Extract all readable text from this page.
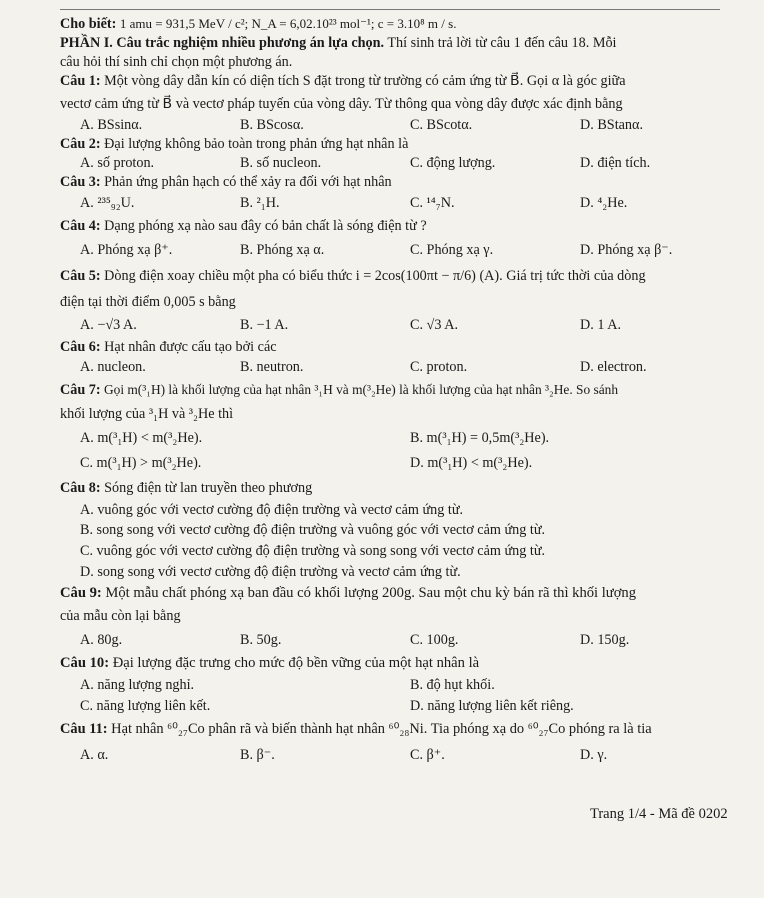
Cho biết: 1 amu = 931,5 MeV / c²; N_A = 6,02.10²³ mol⁻¹; c = 3.10⁸ m / s.
PHẦN I. Câu trắc nghiệm nhiều phương án lựa chọn. Thí sinh trả lời từ câu 1 đến câu 18. Mỗi
câu hỏi thí sinh chỉ chọn một phương án.
Câu 1: Một vòng dây dẫn kín có diện tích S đặt trong từ trường có cảm ứng từ B⃗. Gọi α là góc giữa
vectơ cảm ứng từ B⃗ và vectơ pháp tuyến của vòng dây. Từ thông qua vòng dây được xác định bằng
A. BSsinα.	B. BScosα.	C. BScotα.	D. BStanα.
Câu 2: Đại lượng không bảo toàn trong phản ứng hạt nhân là
A. số proton.	B. số nucleon.	C. động lượng.	D. điện tích.
Câu 3: Phản ứng phân hạch có thể xảy ra đối với hạt nhân
A. ²³⁵₉₂U.	B. ²₁H.	C. ¹⁴₇N.	D. ⁴₂He.
Câu 4: Dạng phóng xạ nào sau đây có bản chất là sóng điện từ ?
A. Phóng xạ β⁺.	B. Phóng xạ α.	C. Phóng xạ γ.	D. Phóng xạ β⁻.
Câu 5: Dòng điện xoay chiều một pha có biểu thức i = 2cos(100πt − π/6) (A). Giá trị tức thời của dòng
điện tại thời điểm 0,005 s bằng
A. −√3 A.	B. −1 A.	C. √3 A.	D. 1 A.
Câu 6: Hạt nhân được cấu tạo bởi các
A. nucleon.	B. neutron.	C. proton.	D. electron.
Câu 7: Gọi m(³₁H) là khối lượng của hạt nhân ³₁H và m(³₂He) là khối lượng của hạt nhân ³₂He. So sánh
khối lượng của ³₁H và ³₂He thì
A. m(³₁H) < m(³₂He).	B. m(³₁H) = 0,5m(³₂He).
C. m(³₁H) > m(³₂He).	D. m(³₁H) < m(³₂He).
Câu 8: Sóng điện từ lan truyền theo phương
A. vuông góc với vectơ cường độ điện trường và vectơ cảm ứng từ.
B. song song với vectơ cường độ điện trường và vuông góc với vectơ cảm ứng từ.
C. vuông góc với vectơ cường độ điện trường và song song với vectơ cảm ứng từ.
D. song song với vectơ cường độ điện trường và vectơ cảm ứng từ.
Câu 9: Một mẫu chất phóng xạ ban đầu có khối lượng 200g. Sau một chu kỳ bán rã thì khối lượng
của mẫu còn lại bằng
A. 80g.	B. 50g.	C. 100g.	D. 150g.
Câu 10: Đại lượng đặc trưng cho mức độ bền vững của một hạt nhân là
A. năng lượng nghỉ.	B. độ hụt khối.
C. năng lượng liên kết.	D. năng lượng liên kết riêng.
Câu 11: Hạt nhân ⁶⁰₂₇Co phân rã và biến thành hạt nhân ⁶⁰₂₈Ni. Tia phóng xạ do ⁶⁰₂₇Co phóng ra là tia
A. α.	B. β⁻.	C. β⁺.	D. γ.
Trang 1/4 - Mã đề 0202
